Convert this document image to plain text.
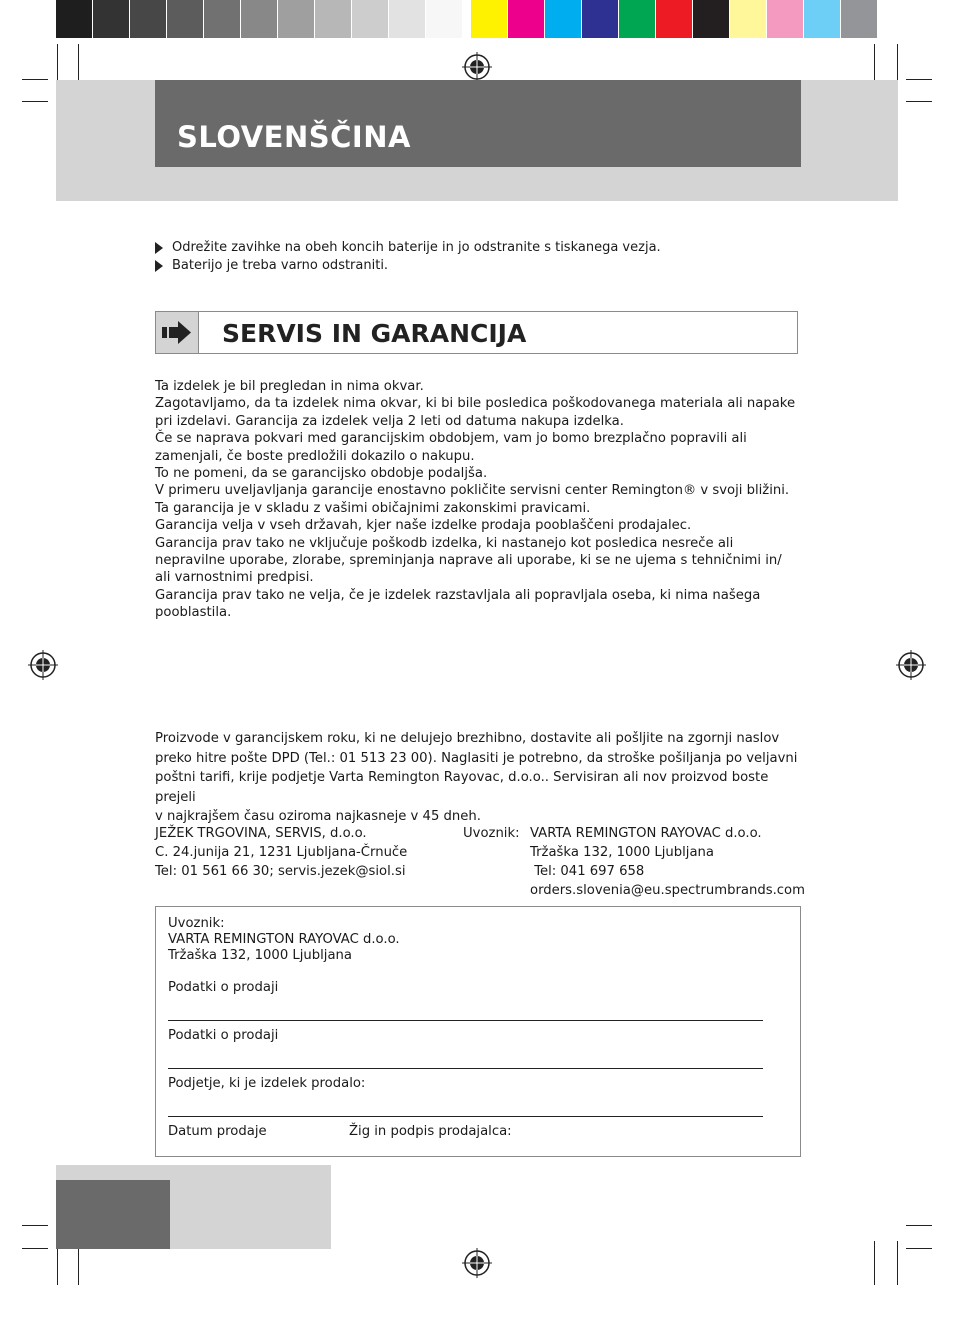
SLOVENŠČINA
Odrežite zavihke na obeh koncih baterije in jo odstranite s tiskanega vezja.
Baterijo je treba varno odstraniti.
SERVIS IN GARANCIJA

Ta izdelek je bil pregledan in nima okvar.

Zagotavljamo, da ta izdelek nima okvar, ki bi bile posledica poškodovanega materiala ali napake

pri izdelavi. Garancija za izdelek velja 2 leti od datuma nakupa izdelka.

Če se naprava pokvari med garancijskim obdobjem, vam jo bomo brezplačno popravili ali

zamenjali, če boste predložili dokazilo o nakupu.

To ne pomeni, da se garancijsko obdobje podaljša.

V primeru uveljavljanja garancije enostavno pokličite servisni center Remington® v svoji bližini.

Ta garancija je v skladu z vašimi običajnimi zakonskimi pravicami.

Garancija velja v vseh državah, kjer naše izdelke prodaja pooblaščeni prodajalec.

Garancija prav tako ne vključuje poškodb izdelka, ki nastanejo kot posledica nesreče ali

nepravilne uporabe, zlorabe, spreminjanja naprave ali uporabe, ki se ne ujema s tehničnimi in/

ali varnostnimi predpisi.

Garancija prav tako ne velja, če je izdelek razstavljala ali popravljala oseba, ki nima našega

pooblastila.

Proizvode v garancijskem roku, ki ne delujejo brezhibno, dostavite ali pošljite na zgornji naslov

preko hitre pošte DPD (Tel.: 01 513 23 00). Naglasiti je potrebno, da stroške pošiljanja po veljavni

poštni tarifi, krije podjetje Varta Remington Rayovac, d.o.o.. Servisiran ali nov proizvod boste prejeli

v najkrajšem času oziroma najkasneje v 45 dneh.

JEŽEK TRGOVINA, SERVIS, d.o.o.
C. 24.junija 21, 1231 Ljubljana-Črnuče
Tel: 01 561 66 30; servis.jezek@siol.si
Uvoznik: VARTA REMINGTON RAYOVAC d.o.o.
Tržaška 132, 1000 Ljubljana
Tel: 041 697 658
orders.slovenia@eu.spectrumbrands.com
Uvoznik:
VARTA REMINGTON RAYOVAC d.o.o.
Tržaška 132, 1000 Ljubljana
Podatki o prodaji
Podatki o prodaji
Podjetje, ki je izdelek prodalo:
Datum prodaje	Žig in podpis prodajalca:
